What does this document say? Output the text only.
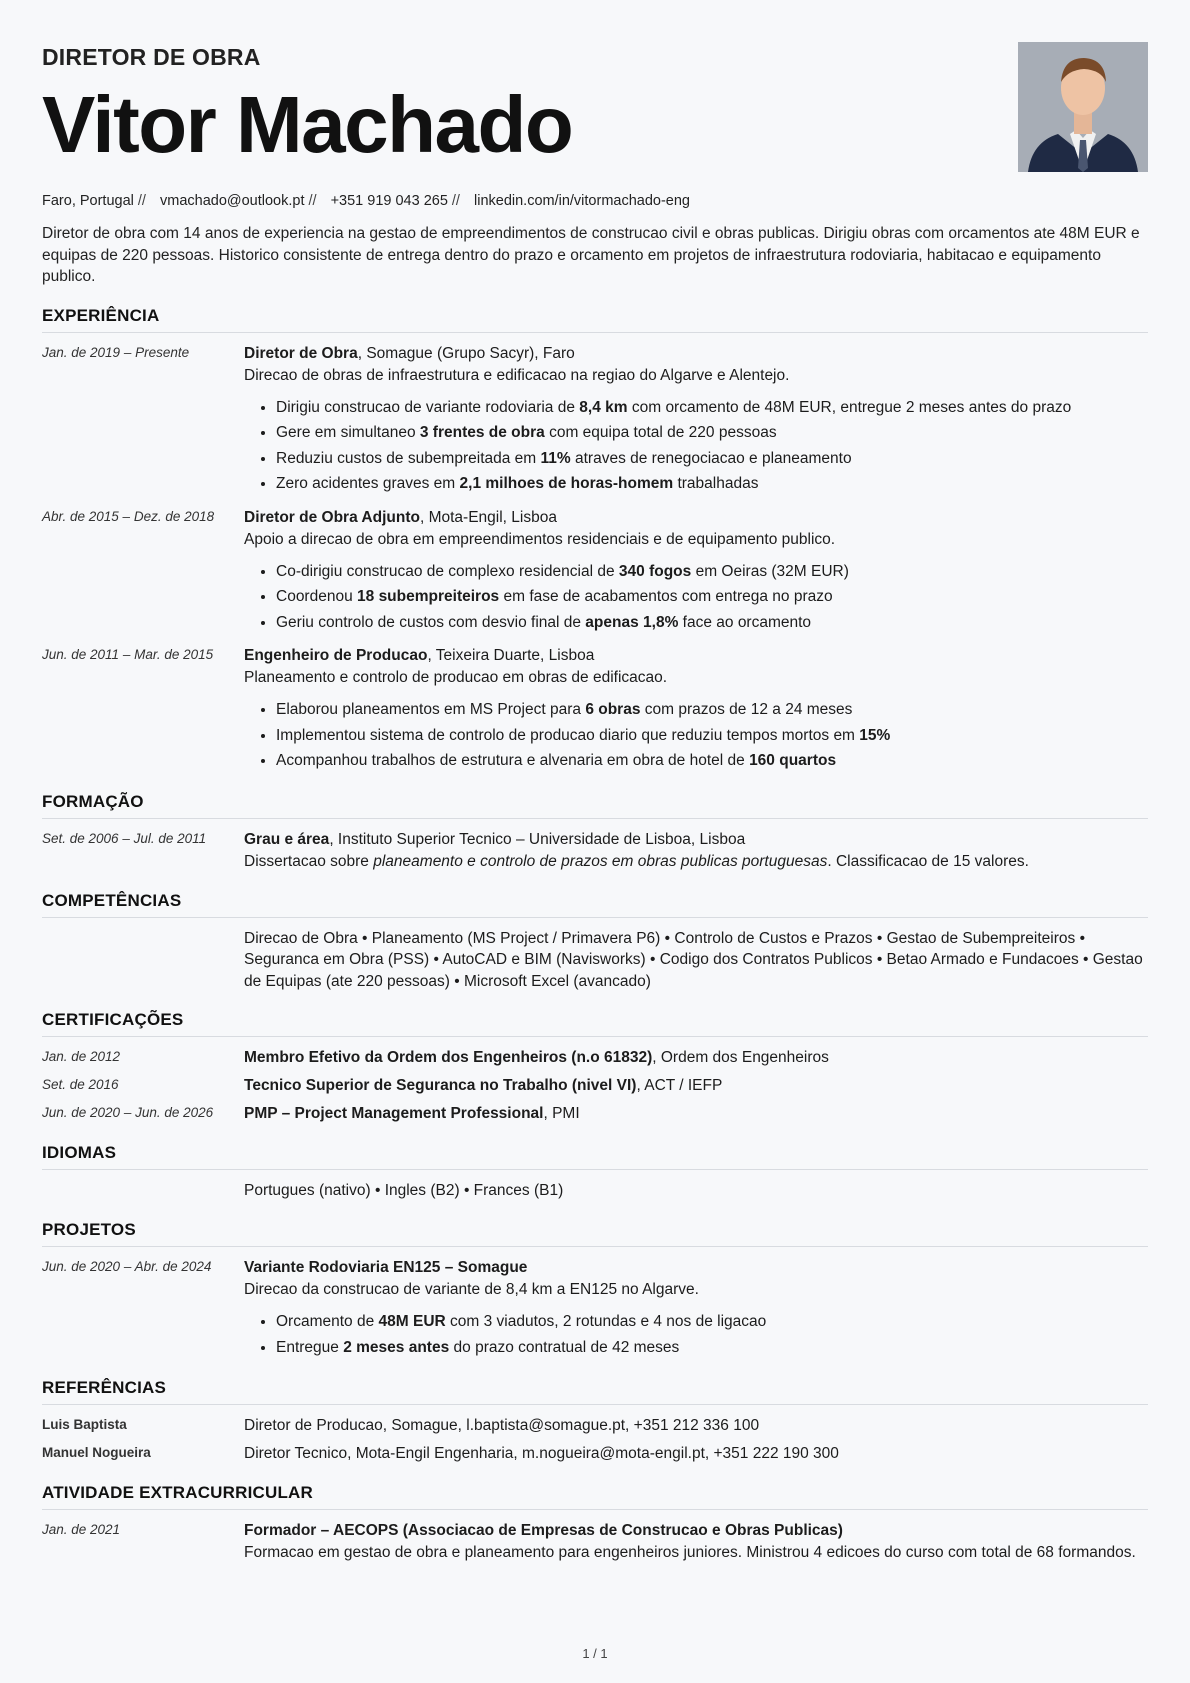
DIRETOR DE OBRA
Vitor Machado
Faro, Portugal // vmachado@outlook.pt // +351 919 043 265 // linkedin.com/in/vitormachado-eng
Diretor de obra com 14 anos de experiencia na gestao de empreendimentos de construcao civil e obras publicas. Dirigiu obras com orcamentos ate 48M EUR e equipas de 220 pessoas. Historico consistente de entrega dentro do prazo e orcamento em projetos de infraestrutura rodoviaria, habitacao e equipamento publico.
EXPERIÊNCIA
Jan. de 2019 – Presente	Diretor de Obra, Somague (Grupo Sacyr), Faro
Direcao de obras de infraestrutura e edificacao na regiao do Algarve e Alentejo.
• Dirigiu construcao de variante rodoviaria de 8,4 km com orcamento de 48M EUR, entregue 2 meses antes do prazo
• Gere em simultaneo 3 frentes de obra com equipa total de 220 pessoas
• Reduziu custos de subempreitada em 11% atraves de renegociacao e planeamento
• Zero acidentes graves em 2,1 milhoes de horas-homem trabalhadas
Abr. de 2015 – Dez. de 2018	Diretor de Obra Adjunto, Mota-Engil, Lisboa
Apoio a direcao de obra em empreendimentos residenciais e de equipamento publico.
• Co-dirigiu construcao de complexo residencial de 340 fogos em Oeiras (32M EUR)
• Coordenou 18 subempreiteiros em fase de acabamentos com entrega no prazo
• Geriu controlo de custos com desvio final de apenas 1,8% face ao orcamento
Jun. de 2011 – Mar. de 2015	Engenheiro de Producao, Teixeira Duarte, Lisboa
Planeamento e controlo de producao em obras de edificacao.
• Elaborou planeamentos em MS Project para 6 obras com prazos de 12 a 24 meses
• Implementou sistema de controlo de producao diario que reduziu tempos mortos em 15%
• Acompanhou trabalhos de estrutura e alvenaria em obra de hotel de 160 quartos
FORMAÇÃO
Set. de 2006 – Jul. de 2011	Grau e área, Instituto Superior Tecnico – Universidade de Lisboa, Lisboa
Dissertacao sobre planeamento e controlo de prazos em obras publicas portuguesas. Classificacao de 15 valores.
COMPETÊNCIAS
Direcao de Obra • Planeamento (MS Project / Primavera P6) • Controlo de Custos e Prazos • Gestao de Subempreiteiros • Seguranca em Obra (PSS) • AutoCAD e BIM (Navisworks) • Codigo dos Contratos Publicos • Betao Armado e Fundacoes • Gestao de Equipas (ate 220 pessoas) • Microsoft Excel (avancado)
CERTIFICAÇÕES
Jan. de 2012	Membro Efetivo da Ordem dos Engenheiros (n.o 61832), Ordem dos Engenheiros
Set. de 2016	Tecnico Superior de Seguranca no Trabalho (nivel VI), ACT / IEFP
Jun. de 2020 – Jun. de 2026	PMP – Project Management Professional, PMI
IDIOMAS
Portugues (nativo) • Ingles (B2) • Frances (B1)
PROJETOS
Jun. de 2020 – Abr. de 2024	Variante Rodoviaria EN125 – Somague
Direcao da construcao de variante de 8,4 km a EN125 no Algarve.
• Orcamento de 48M EUR com 3 viadutos, 2 rotundas e 4 nos de ligacao
• Entregue 2 meses antes do prazo contratual de 42 meses
REFERÊNCIAS
Luis Baptista	Diretor de Producao, Somague, l.baptista@somague.pt, +351 212 336 100
Manuel Nogueira	Diretor Tecnico, Mota-Engil Engenharia, m.nogueira@mota-engil.pt, +351 222 190 300
ATIVIDADE EXTRACURRICULAR
Jan. de 2021	Formador – AECOPS (Associacao de Empresas de Construcao e Obras Publicas)
Formacao em gestao de obra e planeamento para engenheiros juniores. Ministrou 4 edicoes do curso com total de 68 formandos.
1 / 1
